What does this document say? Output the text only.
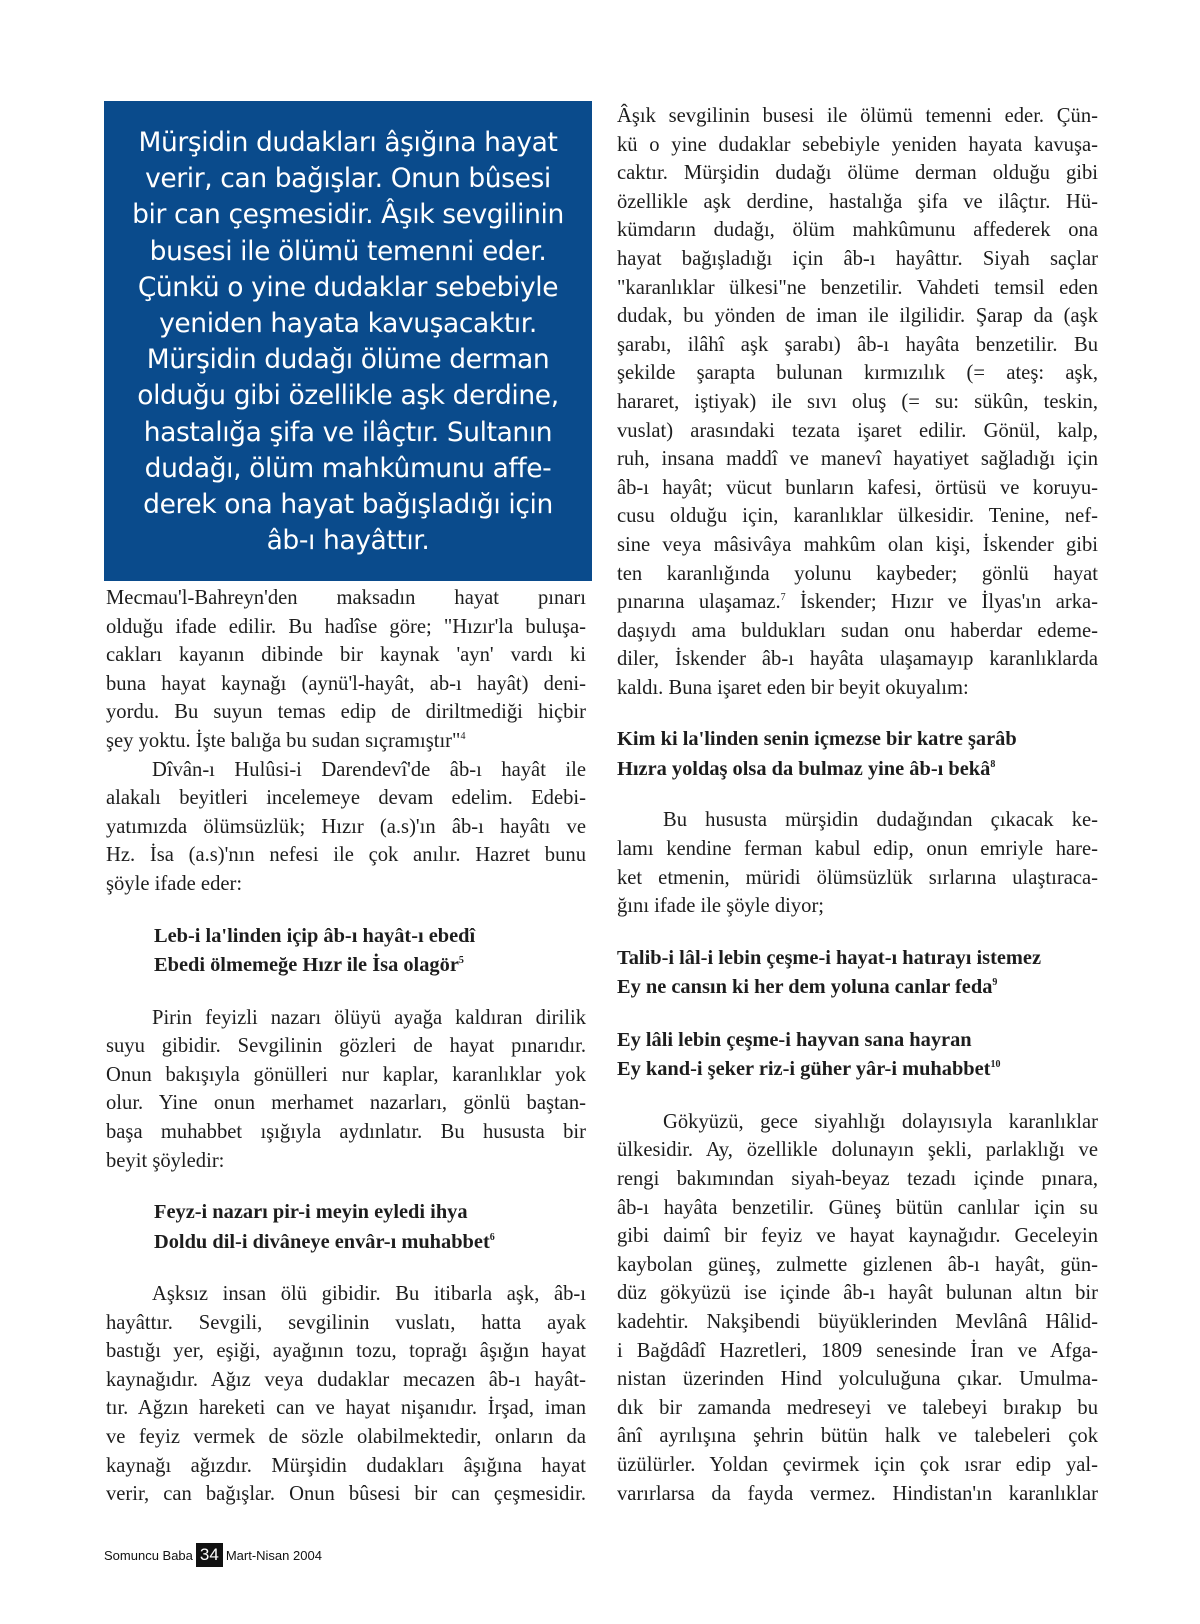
Mürşidin dudakları âşığına hayat
verir, can bağışlar. Onun bûsesi
bir can çeşmesidir. Âşık sevgilinin
busesi ile ölümü temenni eder.
Çünkü o yine dudaklar sebebiyle
yeniden hayata kavuşacaktır.
Mürşidin dudağı ölüme derman
olduğu gibi özellikle aşk derdine,
hastalığa şifa ve ilâçtır. Sultanın
dudağı, ölüm mahkûmunu affe-
derek ona hayat bağışladığı için
âb-ı hayâttır.
Mecmau'l-Bahreyn'den maksadın hayat pınarı
olduğu ifade edilir. Bu hadîse göre; "Hızır'la buluşa-
cakları kayanın dibinde bir kaynak 'ayn' vardı ki
buna hayat kaynağı (aynü'l-hayât, ab-ı hayât) deni-
yordu. Bu suyun temas edip de diriltmediği hiçbir
şey yoktu. İşte balığa bu sudan sıçramıştır"$^4$
Dîvân-ı Hulûsi-i Darendevî'de âb-ı hayât ile
alakalı beyitleri incelemeye devam edelim. Edebi-
yatımızda ölümsüzlük; Hızır (a.s)'ın âb-ı hayâtı ve
Hz. İsa (a.s)'nın nefesi ile çok anılır. Hazret bunu
şöyle ifade eder:
Leb-i la'linden içip âb-ı hayât-ı ebedî
Ebedi ölmemeğe Hızr ile İsa olagör$^5$
Pirin feyizli nazarı ölüyü ayağa kaldıran dirilik
suyu gibidir. Sevgilinin gözleri de hayat pınarıdır.
Onun bakışıyla gönülleri nur kaplar, karanlıklar yok
olur. Yine onun merhamet nazarları, gönlü baştan-
başa muhabbet ışığıyla aydınlatır. Bu hususta bir
beyit şöyledir:
Feyz-i nazarı pir-i meyin eyledi ihya
Doldu dil-i divâneye envâr-ı muhabbet$^6$
Aşksız insan ölü gibidir. Bu itibarla aşk, âb-ı
hayâttır. Sevgili, sevgilinin vuslatı, hatta ayak
bastığı yer, eşiği, ayağının tozu, toprağı âşığın hayat
kaynağıdır. Ağız veya dudaklar mecazen âb-ı hayât-
tır. Ağzın hareketi can ve hayat nişanıdır. İrşad, iman
ve feyiz vermek de sözle olabilmektedir, onların da
kaynağı ağızdır. Mürşidin dudakları âşığına hayat
verir, can bağışlar. Onun bûsesi bir can çeşmesidir.
Âşık sevgilinin busesi ile ölümü temenni eder. Çün-
kü o yine dudaklar sebebiyle yeniden hayata kavuşa-
caktır. Mürşidin dudağı ölüme derman olduğu gibi
özellikle aşk derdine, hastalığa şifa ve ilâçtır. Hü-
kümdarın dudağı, ölüm mahkûmunu affederek ona
hayat bağışladığı için âb-ı hayâttır. Siyah saçlar
"karanlıklar ülkesi"ne benzetilir. Vahdeti temsil eden
dudak, bu yönden de iman ile ilgilidir. Şarap da (aşk
şarabı, ilâhî aşk şarabı) âb-ı hayâta benzetilir. Bu
şekilde şarapta bulunan kırmızılık (= ateş: aşk,
hararet, iştiyak) ile sıvı oluş (= su: sükûn, teskin,
vuslat) arasındaki tezata işaret edilir. Gönül, kalp,
ruh, insana maddî ve manevî hayatiyet sağladığı için
âb-ı hayât; vücut bunların kafesi, örtüsü ve koruyu-
cusu olduğu için, karanlıklar ülkesidir. Tenine, nef-
sine veya mâsivâya mahkûm olan kişi, İskender gibi
ten karanlığında yolunu kaybeder; gönlü hayat
pınarına ulaşamaz.$^7$ İskender; Hızır ve İlyas'ın arka-
daşıydı ama buldukları sudan onu haberdar edeme-
diler, İskender âb-ı hayâta ulaşamayıp karanlıklarda
kaldı. Buna işaret eden bir beyit okuyalım:
Kim ki la'linden senin içmezse bir katre şarâb
Hızra yoldaş olsa da bulmaz yine âb-ı bekâ$^8$
Bu hususta mürşidin dudağından çıkacak ke-
lamı kendine ferman kabul edip, onun emriyle hare-
ket etmenin, müridi ölümsüzlük sırlarına ulaştıraca-
ğını ifade ile şöyle diyor;
Talib-i lâl-i lebin çeşme-i hayat-ı hatırayı istemez
Ey ne cansın ki her dem yoluna canlar feda$^9$
Ey lâli lebin çeşme-i hayvan sana hayran
Ey kand-i şeker riz-i güher yâr-i muhabbet$^{10}$
Gökyüzü, gece siyahlığı dolayısıyla karanlıklar
ülkesidir. Ay, özellikle dolunayın şekli, parlaklığı ve
rengi bakımından siyah-beyaz tezadı içinde pınara,
âb-ı hayâta benzetilir. Güneş bütün canlılar için su
gibi daimî bir feyiz ve hayat kaynağıdır. Geceleyin
kaybolan güneş, zulmette gizlenen âb-ı hayât, gün-
düz gökyüzü ise içinde âb-ı hayât bulunan altın bir
kadehtir. Nakşibendi büyüklerinden Mevlânâ Hâlid-
i Bağdâdî Hazretleri, 1809 senesinde İran ve Afga-
nistan üzerinden Hind yolculuğuna çıkar. Umulma-
dık bir zamanda medreseyi ve talebeyi bırakıp bu
ânî ayrılışına şehrin bütün halk ve talebeleri çok
üzülürler. Yoldan çevirmek için çok ısrar edip yal-
varırlarsa da fayda vermez. Hindistan'ın karanlıklar
Somuncu Baba 34 Mart-Nisan 2004
